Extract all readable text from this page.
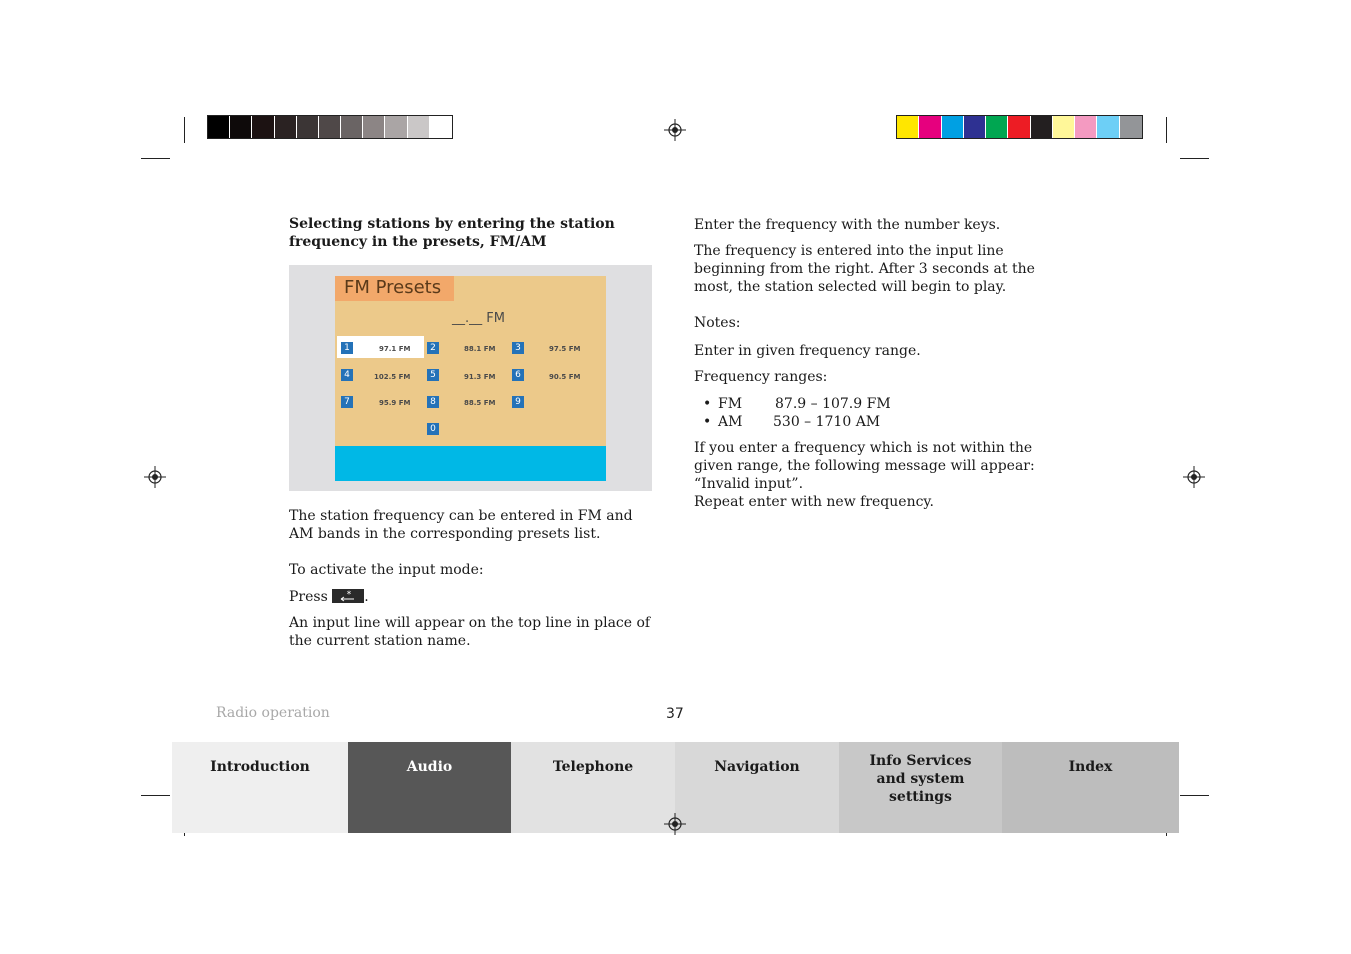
Selecting stations by entering the station frequency in the presets, FM/AM
FM Presets
__.__ FM
1	97.1 FM	2	88.1 FM	3	97.5 FM
4	102.5 FM	5	91.3 FM	6	90.5 FM
7	95.9 FM	8	88.5 FM	9
0

The station frequency can be entered in FM and AM bands in the corresponding presets list.

To activate the input mode:

Press * .

An input line will appear on the top line in place of the current station name.

Enter the frequency with the number keys.

The frequency is entered into the input line beginning from the right. After 3 seconds at the most, the station selected will begin to play.

Notes:

Enter in given frequency range.

Frequency ranges:

• FM 87.9 – 107.9 FM
• AM 530 – 1710 AM

If you enter a frequency which is not within the given range, the following message will appear: “Invalid input”.

Repeat enter with new frequency.

Radio operation	37
Introduction	Audio	Telephone	Navigation	Info Services and system settings
Index
